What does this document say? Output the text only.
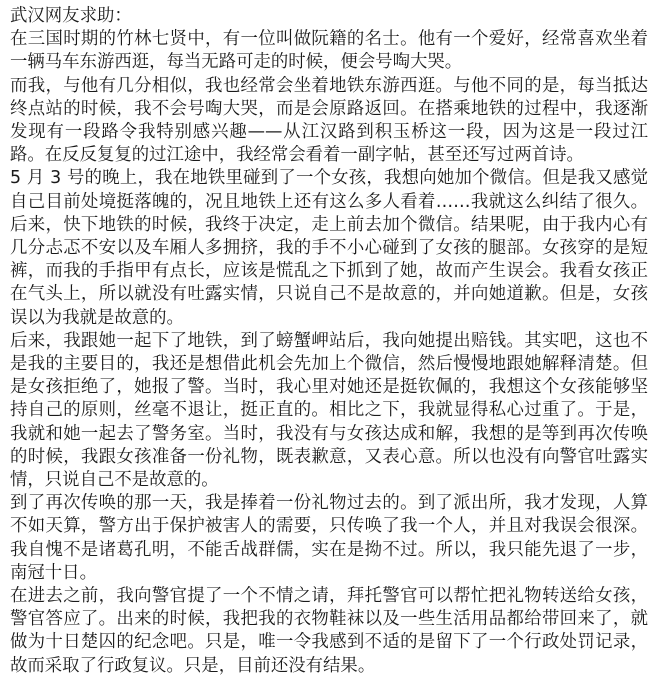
武汉网友求助：

在三国时期的竹林七贤中，有一位叫做阮籍的名士。他有一个爱好，经常喜欢坐着一辆马车东游西逛，每当无路可走的时候，便会号啕大哭。

而我，与他有几分相似，我也经常会坐着地铁东游西逛。与他不同的是，每当抵达终点站的时候，我不会号啕大哭，而是会原路返回。在搭乘地铁的过程中，我逐渐发现有一段路令我特别感兴趣——从江汉路到积玉桥这一段，因为这是一段过江路。在反反复复的过江途中，我经常会看着一副字帖，甚至还写过两首诗。

5 月 3 号的晚上，我在地铁里碰到了一个女孩，我想向她加个微信。但是我又感觉自己目前处境挺落魄的，况且地铁上还有这么多人看着……我就这么纠结了很久。后来，快下地铁的时候，我终于决定，走上前去加个微信。结果呢，由于我内心有几分忐忑不安以及车厢人多拥挤，我的手不小心碰到了女孩的腿部。女孩穿的是短裤，而我的手指甲有点长，应该是慌乱之下抓到了她，故而产生误会。我看女孩正在气头上，所以就没有吐露实情，只说自己不是故意的，并向她道歉。但是，女孩误以为我就是故意的。

后来，我跟她一起下了地铁，到了螃蟹岬站后，我向她提出赔钱。其实吧，这也不是我的主要目的，我还是想借此机会先加上个微信，然后慢慢地跟她解释清楚。但是女孩拒绝了，她报了警。当时，我心里对她还是挺钦佩的，我想这个女孩能够坚持自己的原则，丝毫不退让，挺正直的。相比之下，我就显得私心过重了。于是，我就和她一起去了警务室。当时，我没有与女孩达成和解，我想的是等到再次传唤的时候，我跟女孩准备一份礼物，既表歉意，又表心意。所以也没有向警官吐露实情，只说自己不是故意的。

到了再次传唤的那一天，我是捧着一份礼物过去的。到了派出所，我才发现，人算不如天算，警方出于保护被害人的需要，只传唤了我一个人，并且对我误会很深。我自愧不是诸葛孔明，不能舌战群儒，实在是拗不过。所以，我只能先退了一步，南冠十日。

在进去之前，我向警官提了一个不情之请，拜托警官可以帮忙把礼物转送给女孩，警官答应了。出来的时候，我把我的衣物鞋袜以及一些生活用品都给带回来了，就做为十日楚囚的纪念吧。只是，唯一令我感到不适的是留下了一个行政处罚记录，故而采取了行政复议。只是，目前还没有结果。
